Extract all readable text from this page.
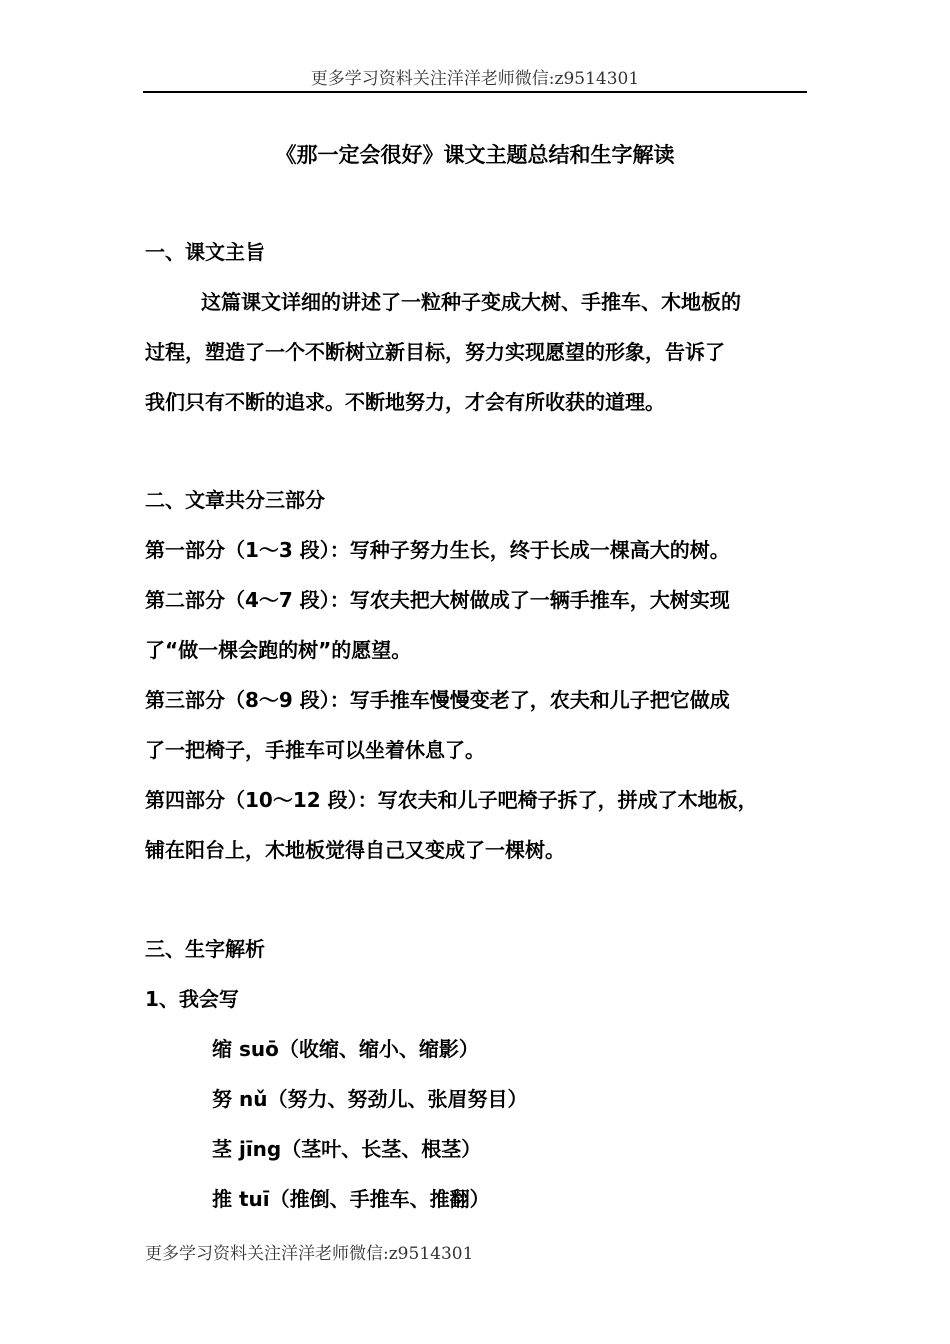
更多学习资料关注洋洋老师微信:z9514301
《那一定会很好》课文主题总结和生字解读
一、课文主旨
这篇课文详细的讲述了一粒种子变成大树、手推车、木地板的
过程，塑造了一个不断树立新目标，努力实现愿望的形象，告诉了
我们只有不断的追求。不断地努力，才会有所收获的道理。
二、文章共分三部分
第一部分（1～3 段）：写种子努力生长，终于长成一棵高大的树。
第二部分（4～7 段）：写农夫把大树做成了一辆手推车，大树实现
了“做一棵会跑的树”的愿望。
第三部分（8～9 段）：写手推车慢慢变老了，农夫和儿子把它做成
了一把椅子，手推车可以坐着休息了。
第四部分（10～12 段）：写农夫和儿子吧椅子拆了，拼成了木地板，
铺在阳台上，木地板觉得自己又变成了一棵树。
三、生字解析
1、我会写
缩 suō（收缩、缩小、缩影）
努 nǔ（努力、努劲儿、张眉努目）
茎 jīng（茎叶、长茎、根茎）
推 tuī（推倒、手推车、推翻）
更多学习资料关注洋洋老师微信:z9514301
